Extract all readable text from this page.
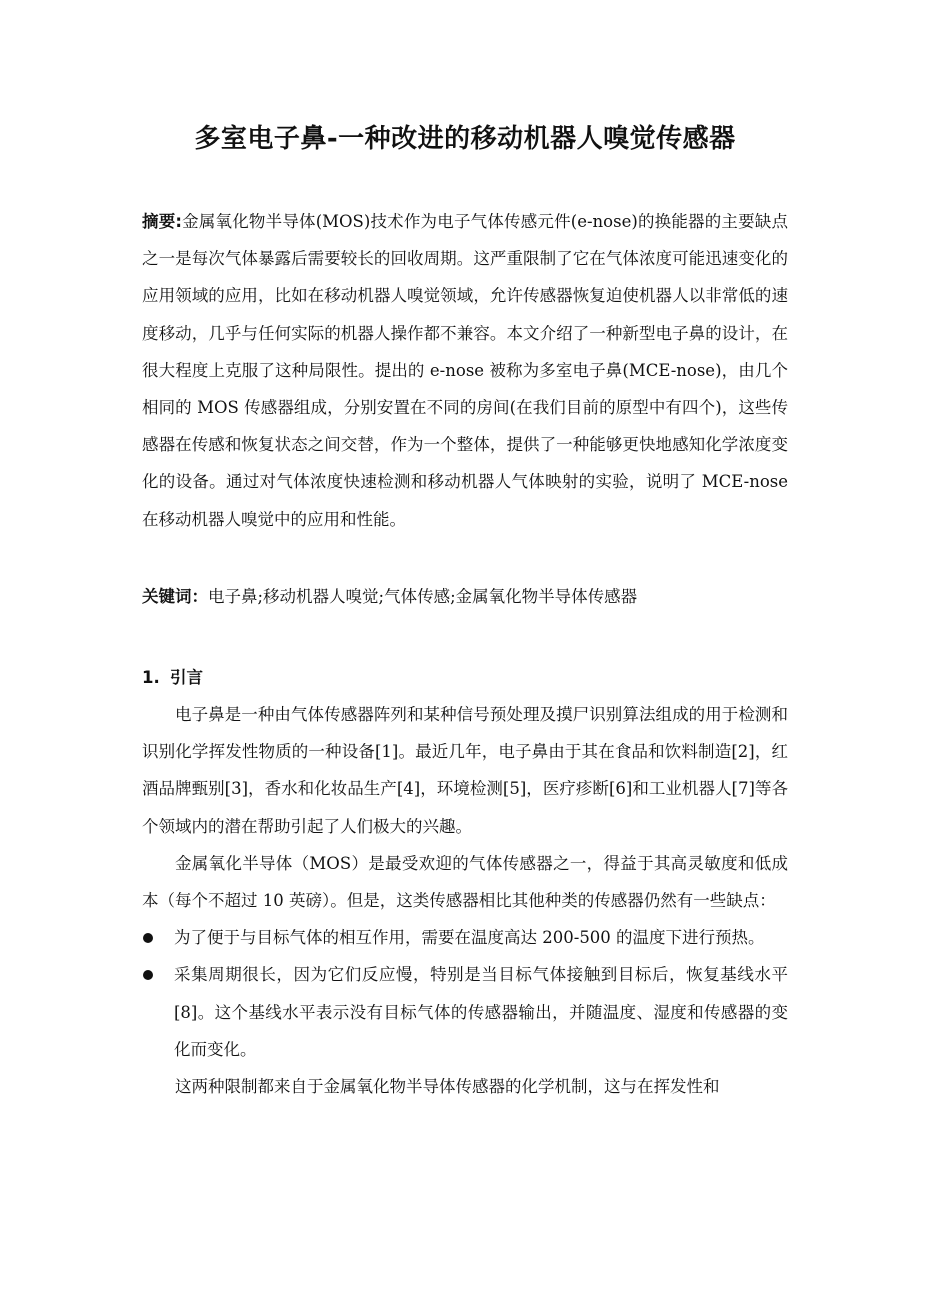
多室电子鼻-一种改进的移动机器人嗅觉传感器

摘要:金属氧化物半导体(MOS)技术作为电子气体传感元件(e-nose)的换能器的主要缺点之一是每次气体暴露后需要较长的回收周期。这严重限制了它在气体浓度可能迅速变化的应用领域的应用，比如在移动机器人嗅觉领域，允许传感器恢复迫使机器人以非常低的速度移动，几乎与任何实际的机器人操作都不兼容。本文介绍了一种新型电子鼻的设计，在很大程度上克服了这种局限性。提出的 e-nose 被称为多室电子鼻(MCE-nose)，由几个相同的 MOS 传感器组成，分别安置在不同的房间(在我们目前的原型中有四个)，这些传感器在传感和恢复状态之间交替，作为一个整体，提供了一种能够更快地感知化学浓度变化的设备。通过对气体浓度快速检测和移动机器人气体映射的实验，说明了 MCE-nose 在移动机器人嗅觉中的应用和性能。

关键词：电子鼻;移动机器人嗅觉;气体传感;金属氧化物半导体传感器

1. 引言

电子鼻是一种由气体传感器阵列和某种信号预处理及摸尸识别算法组成的用于检测和识别化学挥发性物质的一种设备[1]。最近几年，电子鼻由于其在食品和饮料制造[2]，红酒品牌甄别[3]，香水和化妆品生产[4]，环境检测[5]，医疗疹断[6]和工业机器人[7]等各个领域内的潜在帮助引起了人们极大的兴趣。

金属氧化半导体（MOS）是最受欢迎的气体传感器之一，得益于其高灵敏度和低成本（每个不超过 10 英磅）。但是，这类传感器相比其他种类的传感器仍然有一些缺点：

为了便于与目标气体的相互作用，需要在温度高达 200-500 的温度下进行预热。
采集周期很长，因为它们反应慢，特别是当目标气体接触到目标后，恢复基线水平[8]。这个基线水平表示没有目标气体的传感器输出，并随温度、湿度和传感器的变化而变化。

这两种限制都来自于金属氧化物半导体传感器的化学机制，这与在挥发性和
